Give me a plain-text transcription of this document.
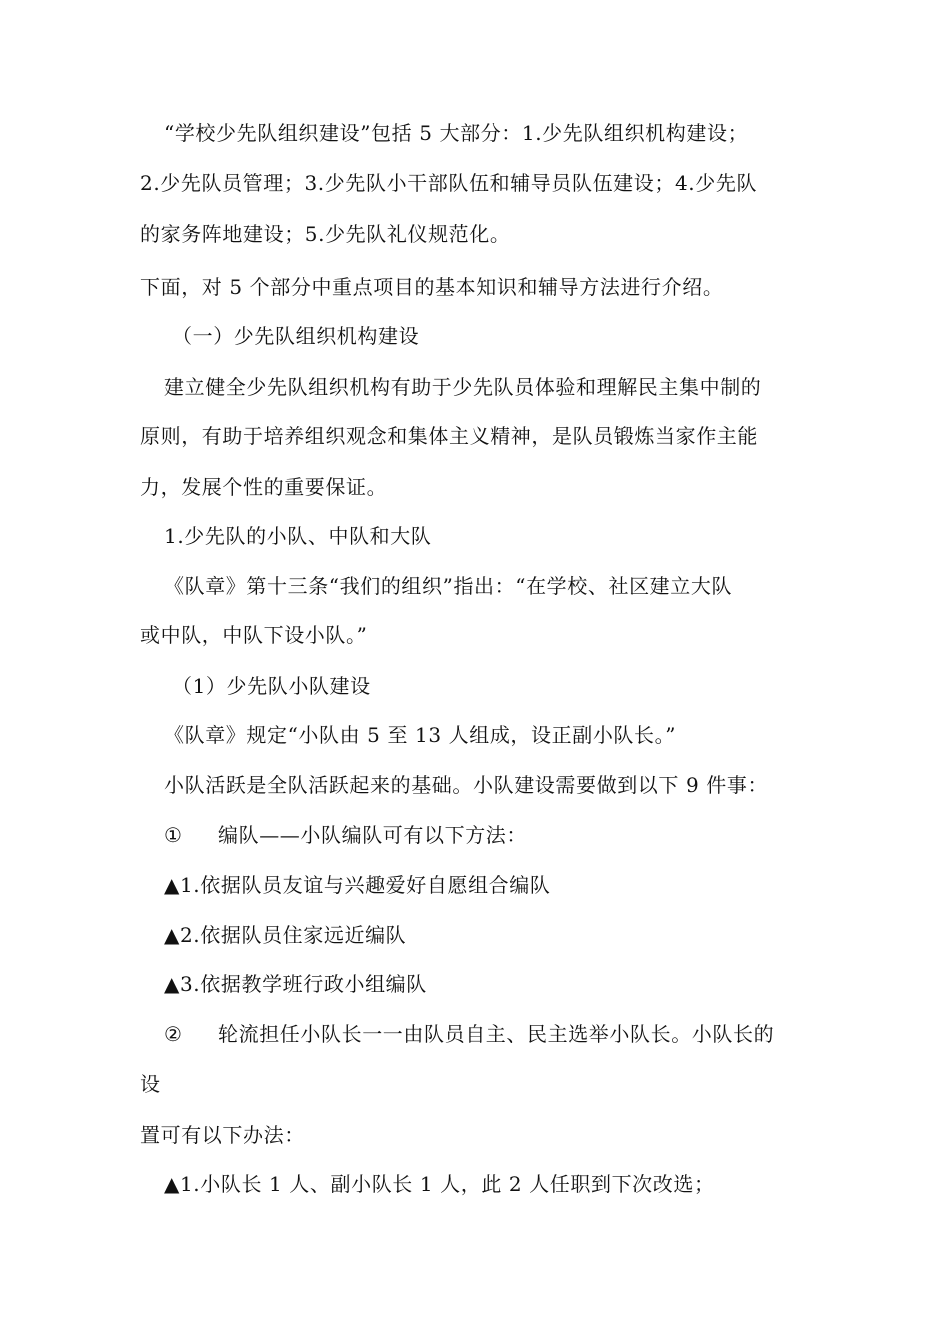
“学校少先队组织建设”包括 5 大部分：1.少先队组织机构建设；
2.少先队员管理；3.少先队小干部队伍和辅导员队伍建设；4.少先队
的家务阵地建设；5.少先队礼仪规范化。
下面，对 5 个部分中重点项目的基本知识和辅导方法进行介绍。
（一）少先队组织机构建设
建立健全少先队组织机构有助于少先队员体验和理解民主集中制的
原则，有助于培养组织观念和集体主义精神，是队员锻炼当家作主能
力，发展个性的重要保证。
1.少先队的小队、中队和大队
《队章》第十三条“我们的组织”指出：“在学校、社区建立大队
或中队，中队下设小队。”
（1）少先队小队建设
《队章》规定“小队由 5 至 13 人组成，设正副小队长。”
小队活跃是全队活跃起来的基础。小队建设需要做到以下 9 件事：
① 编队——小队编队可有以下方法：
▲1.依据队员友谊与兴趣爱好自愿组合编队
▲2.依据队员住家远近编队
▲3.依据教学班行政小组编队
② 轮流担任小队长一一由队员自主、民主选举小队长。小队长的
设
置可有以下办法：
▲1.小队长 1 人、副小队长 1 人，此 2 人任职到下次改选；
